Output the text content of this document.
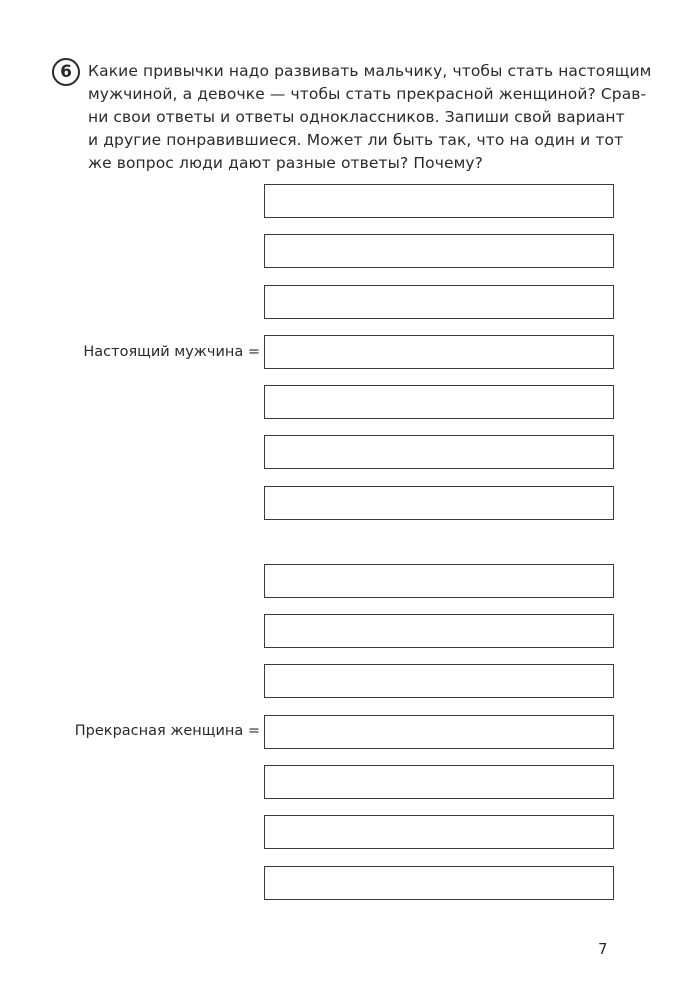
6 Какие привычки надо развивать мальчику, чтобы стать настоящим
мужчиной, а девочке — чтобы стать прекрасной женщиной? Срав-
ни свои ответы и ответы одноклассников. Запиши свой вариант
и другие понравившиеся. Может ли быть так, что на один и тот
же вопрос люди дают разные ответы? Почему?
Настоящий мужчина =
Прекрасная женщина =
7
